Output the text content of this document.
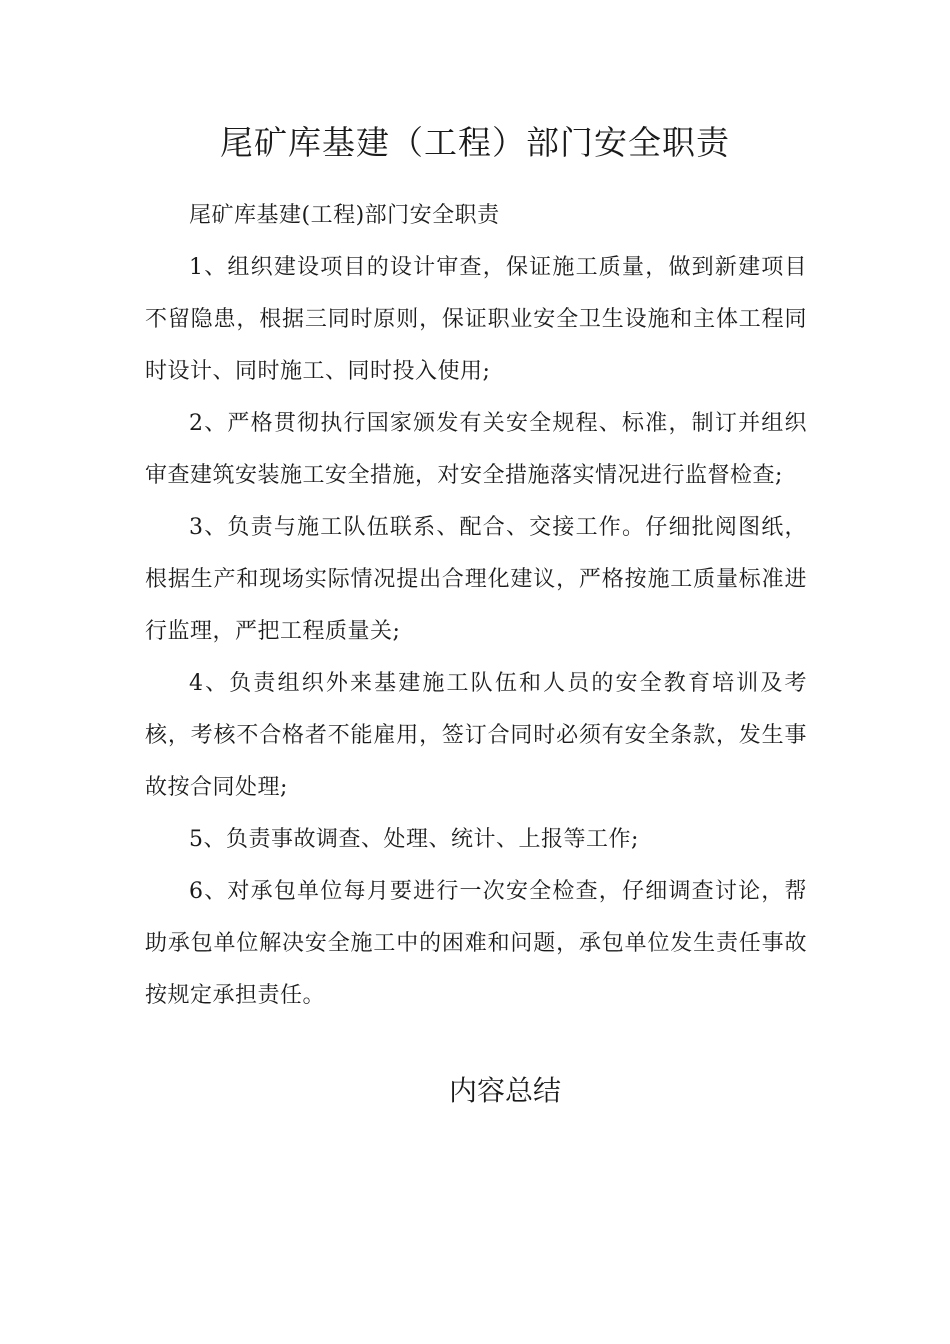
尾矿库基建（工程）部门安全职责

尾矿库基建(工程)部门安全职责

1、组织建设项目的设计审查，保证施工质量，做到新建项目不留隐患，根据三同时原则，保证职业安全卫生设施和主体工程同时设计、同时施工、同时投入使用;

2、严格贯彻执行国家颁发有关安全规程、标准，制订并组织审查建筑安装施工安全措施，对安全措施落实情况进行监督检查;

3、负责与施工队伍联系、配合、交接工作。仔细批阅图纸，根据生产和现场实际情况提出合理化建议，严格按施工质量标准进行监理，严把工程质量关;

4、负责组织外来基建施工队伍和人员的安全教育培训及考核，考核不合格者不能雇用，签订合同时必须有安全条款，发生事故按合同处理;

5、负责事故调查、处理、统计、上报等工作;

6、对承包单位每月要进行一次安全检查，仔细调查讨论，帮助承包单位解决安全施工中的困难和问题，承包单位发生责任事故按规定承担责任。

内容总结
